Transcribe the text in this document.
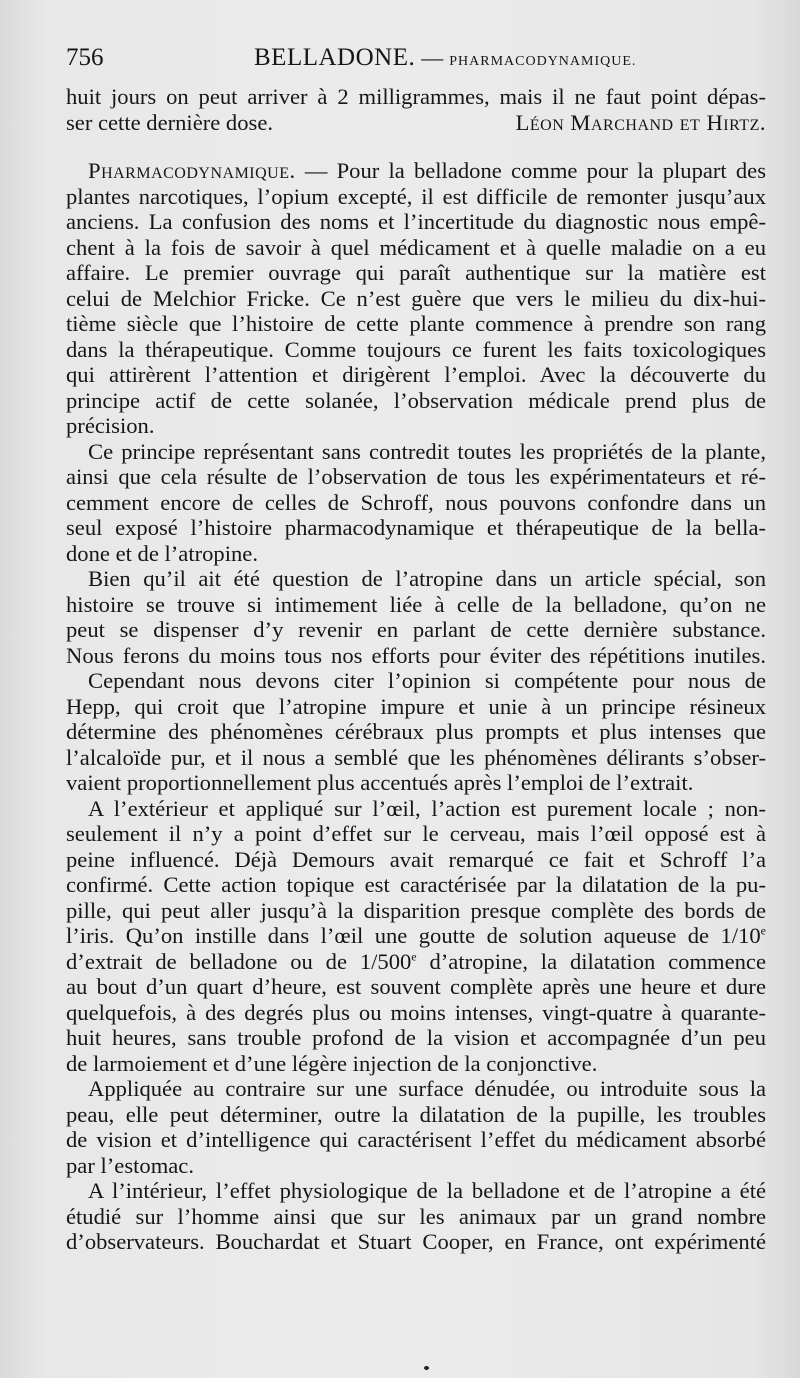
756	BELLADONE. — PHARMACODYNAMIQUE.
huit jours on peut arriver à 2 milligrammes, mais il ne faut point dépas-
ser cette dernière dose.	Léon Marchand et Hirtz.
Pharmacodynamique. — Pour la belladone comme pour la plupart des
plantes narcotiques, l’opium excepté, il est difficile de remonter jusqu’aux
anciens. La confusion des noms et l’incertitude du diagnostic nous empê-
chent à la fois de savoir à quel médicament et à quelle maladie on a eu
affaire. Le premier ouvrage qui paraît authentique sur la matière est
celui de Melchior Fricke. Ce n’est guère que vers le milieu du dix-hui-
tième siècle que l’histoire de cette plante commence à prendre son rang
dans la thérapeutique. Comme toujours ce furent les faits toxicologiques
qui attirèrent l’attention et dirigèrent l’emploi. Avec la découverte du
principe actif de cette solanée, l’observation médicale prend plus de
précision.
Ce principe représentant sans contredit toutes les propriétés de la plante,
ainsi que cela résulte de l’observation de tous les expérimentateurs et ré-
cemment encore de celles de Schroff, nous pouvons confondre dans un
seul exposé l’histoire pharmacodynamique et thérapeutique de la bella-
done et de l’atropine.
Bien qu’il ait été question de l’atropine dans un article spécial, son
histoire se trouve si intimement liée à celle de la belladone, qu’on ne
peut se dispenser d’y revenir en parlant de cette dernière substance.
Nous ferons du moins tous nos efforts pour éviter des répétitions inutiles.
Cependant nous devons citer l’opinion si compétente pour nous de
Hepp, qui croit que l’atropine impure et unie à un principe résineux
détermine des phénomènes cérébraux plus prompts et plus intenses que
l’alcaloïde pur, et il nous a semblé que les phénomènes délirants s’obser-
vaient proportionnellement plus accentués après l’emploi de l’extrait.
A l’extérieur et appliqué sur l’œil, l’action est purement locale ; non-
seulement il n’y a point d’effet sur le cerveau, mais l’œil opposé est à
peine influencé. Déjà Demours avait remarqué ce fait et Schroff l’a
confirmé. Cette action topique est caractérisée par la dilatation de la pu-
pille, qui peut aller jusqu’à la disparition presque complète des bords de
l’iris. Qu’on instille dans l’œil une goutte de solution aqueuse de 1/10e
d’extrait de belladone ou de 1/500e d’atropine, la dilatation commence
au bout d’un quart d’heure, est souvent complète après une heure et dure
quelquefois, à des degrés plus ou moins intenses, vingt-quatre à quarante-
huit heures, sans trouble profond de la vision et accompagnée d’un peu
de larmoiement et d’une légère injection de la conjonctive.
Appliquée au contraire sur une surface dénudée, ou introduite sous la
peau, elle peut déterminer, outre la dilatation de la pupille, les troubles
de vision et d’intelligence qui caractérisent l’effet du médicament absorbé
par l’estomac.
A l’intérieur, l’effet physiologique de la belladone et de l’atropine a été
étudié sur l’homme ainsi que sur les animaux par un grand nombre
d’observateurs. Bouchardat et Stuart Cooper, en France, ont expérimenté
